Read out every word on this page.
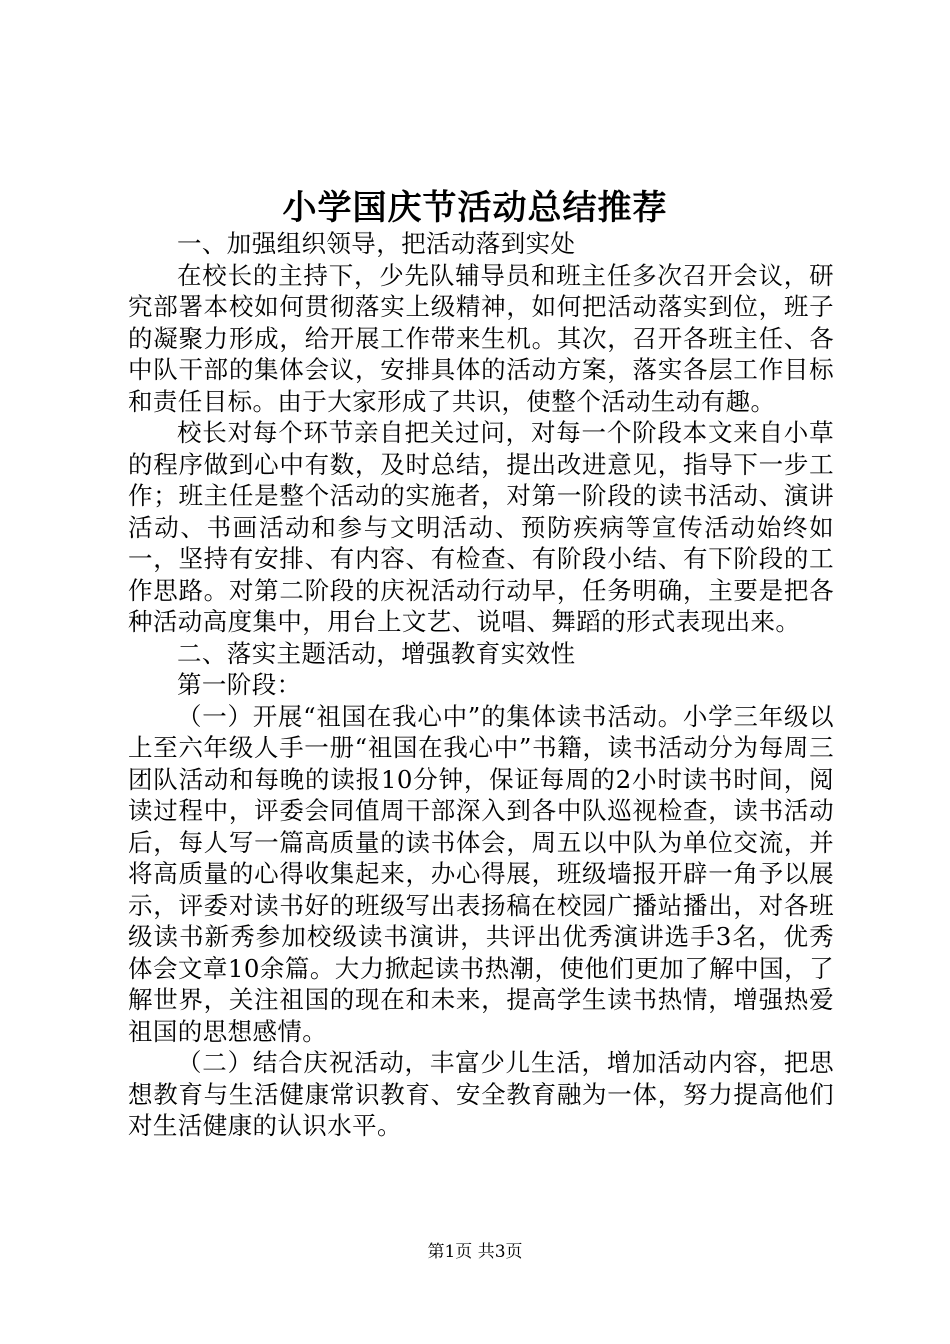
小学国庆节活动总结推荐

一、加强组织领导，把活动落到实处

在校长的主持下，少先队辅导员和班主任多次召开会议，研究部署本校如何贯彻落实上级精神，如何把活动落实到位，班子的凝聚力形成，给开展工作带来生机。其次，召开各班主任、各中队干部的集体会议，安排具体的活动方案，落实各层工作目标和责任目标。由于大家形成了共识，使整个活动生动有趣。

校长对每个环节亲自把关过问，对每一个阶段本文来自小草的程序做到心中有数，及时总结，提出改进意见，指导下一步工作；班主任是整个活动的实施者，对第一阶段的读书活动、演讲活动、书画活动和参与文明活动、预防疾病等宣传活动始终如一，坚持有安排、有内容、有检查、有阶段小结、有下阶段的工作思路。对第二阶段的庆祝活动行动早，任务明确，主要是把各种活动高度集中，用台上文艺、说唱、舞蹈的形式表现出来。

二、落实主题活动，增强教育实效性

第一阶段：

（一）开展“祖国在我心中”的集体读书活动。小学三年级以上至六年级人手一册“祖国在我心中”书籍，读书活动分为每周三团队活动和每晚的读报10分钟，保证每周的2小时读书时间，阅读过程中，评委会同值周干部深入到各中队巡视检查，读书活动后，每人写一篇高质量的读书体会，周五以中队为单位交流，并将高质量的心得收集起来，办心得展，班级墙报开辟一角予以展示，评委对读书好的班级写出表扬稿在校园广播站播出，对各班级读书新秀参加校级读书演讲，共评出优秀演讲选手3名，优秀体会文章10余篇。大力掀起读书热潮，使他们更加了解中国，了解世界，关注祖国的现在和未来，提高学生读书热情，增强热爱祖国的思想感情。

（二）结合庆祝活动，丰富少儿生活，增加活动内容，把思想教育与生活健康常识教育、安全教育融为一体，努力提高他们对生活健康的认识水平。

第1页 共3页
